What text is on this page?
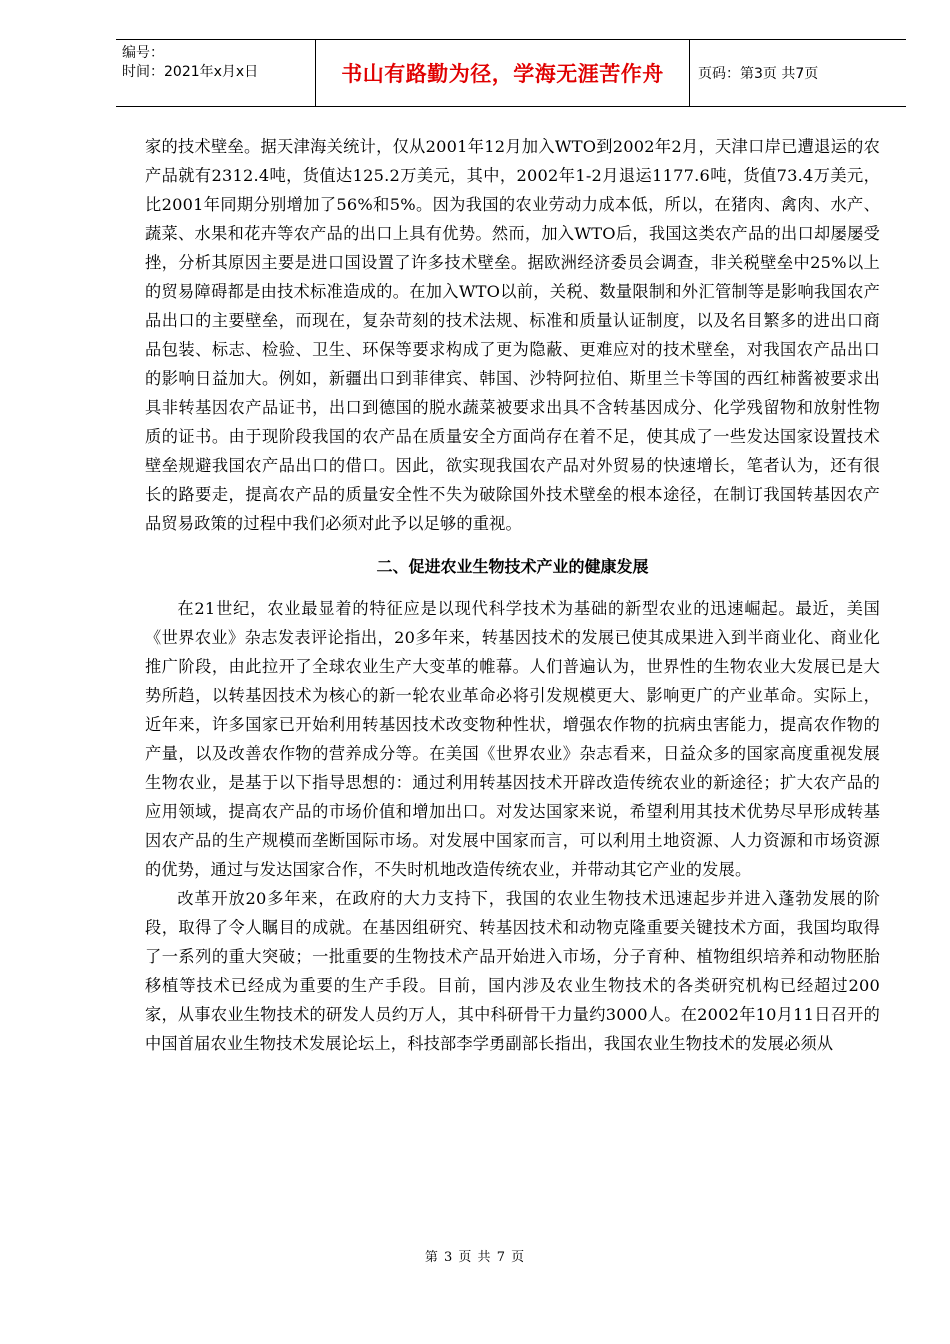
编号：
时间：2021年x月x日	书山有路勤为径，学海无涯苦作舟 页码：第3页 共7页

家的技术壁垒。据天津海关统计，仅从2001年12月加入WTO到2002年2月，天津口岸已遭退运的农产品就有2312.4吨，货值达125.2万美元，其中，2002年1-2月退运1177.6吨，货值73.4万美元，比2001年同期分别增加了56%和5%。因为我国的农业劳动力成本低，所以，在猪肉、禽肉、水产、蔬菜、水果和花卉等农产品的出口上具有优势。然而，加入WTO后，我国这类农产品的出口却屡屡受挫，分析其原因主要是进口国设置了许多技术壁垒。据欧洲经济委员会调查，非关税壁垒中25%以上的贸易障碍都是由技术标准造成的。在加入WTO以前，关税、数量限制和外汇管制等是影响我国农产品出口的主要壁垒，而现在，复杂苛刻的技术法规、标准和质量认证制度，以及名目繁多的进出口商品包装、标志、检验、卫生、环保等要求构成了更为隐蔽、更难应对的技术壁垒，对我国农产品出口的影响日益加大。例如，新疆出口到菲律宾、韩国、沙特阿拉伯、斯里兰卡等国的西红柿酱被要求出具非转基因农产品证书，出口到德国的脱水蔬菜被要求出具不含转基因成分、化学残留物和放射性物质的证书。由于现阶段我国的农产品在质量安全方面尚存在着不足，使其成了一些发达国家设置技术壁垒规避我国农产品出口的借口。因此，欲实现我国农产品对外贸易的快速增长，笔者认为，还有很长的路要走，提高农产品的质量安全性不失为破除国外技术壁垒的根本途径，在制订我国转基因农产品贸易政策的过程中我们必须对此予以足够的重视。

二、促进农业生物技术产业的健康发展

在21世纪，农业最显着的特征应是以现代科学技术为基础的新型农业的迅速崛起。最近，美国《世界农业》杂志发表评论指出，20多年来，转基因技术的发展已使其成果进入到半商业化、商业化推广阶段，由此拉开了全球农业生产大变革的帷幕。人们普遍认为，世界性的生物农业大发展已是大势所趋，以转基因技术为核心的新一轮农业革命必将引发规模更大、影响更广的产业革命。实际上，近年来，许多国家已开始利用转基因技术改变物种性状，增强农作物的抗病虫害能力，提高农作物的产量，以及改善农作物的营养成分等。在美国《世界农业》杂志看来，日益众多的国家高度重视发展生物农业，是基于以下指导思想的：通过利用转基因技术开辟改造传统农业的新途径；扩大农产品的应用领域，提高农产品的市场价值和增加出口。对发达国家来说，希望利用其技术优势尽早形成转基因农产品的生产规模而垄断国际市场。对发展中国家而言，可以利用土地资源、人力资源和市场资源的优势，通过与发达国家合作，不失时机地改造传统农业，并带动其它产业的发展。

改革开放20多年来，在政府的大力支持下，我国的农业生物技术迅速起步并进入蓬勃发展的阶段，取得了令人瞩目的成就。在基因组研究、转基因技术和动物克隆重要关键技术方面，我国均取得了一系列的重大突破；一批重要的生物技术产品开始进入市场，分子育种、植物组织培养和动物胚胎移植等技术已经成为重要的生产手段。目前，国内涉及农业生物技术的各类研究机构已经超过200家，从事农业生物技术的研发人员约万人，其中科研骨干力量约3000人。在2002年10月11日召开的中国首届农业生物技术发展论坛上，科技部李学勇副部长指出，我国农业生物技术的发展必须从

第 3 页 共 7 页
